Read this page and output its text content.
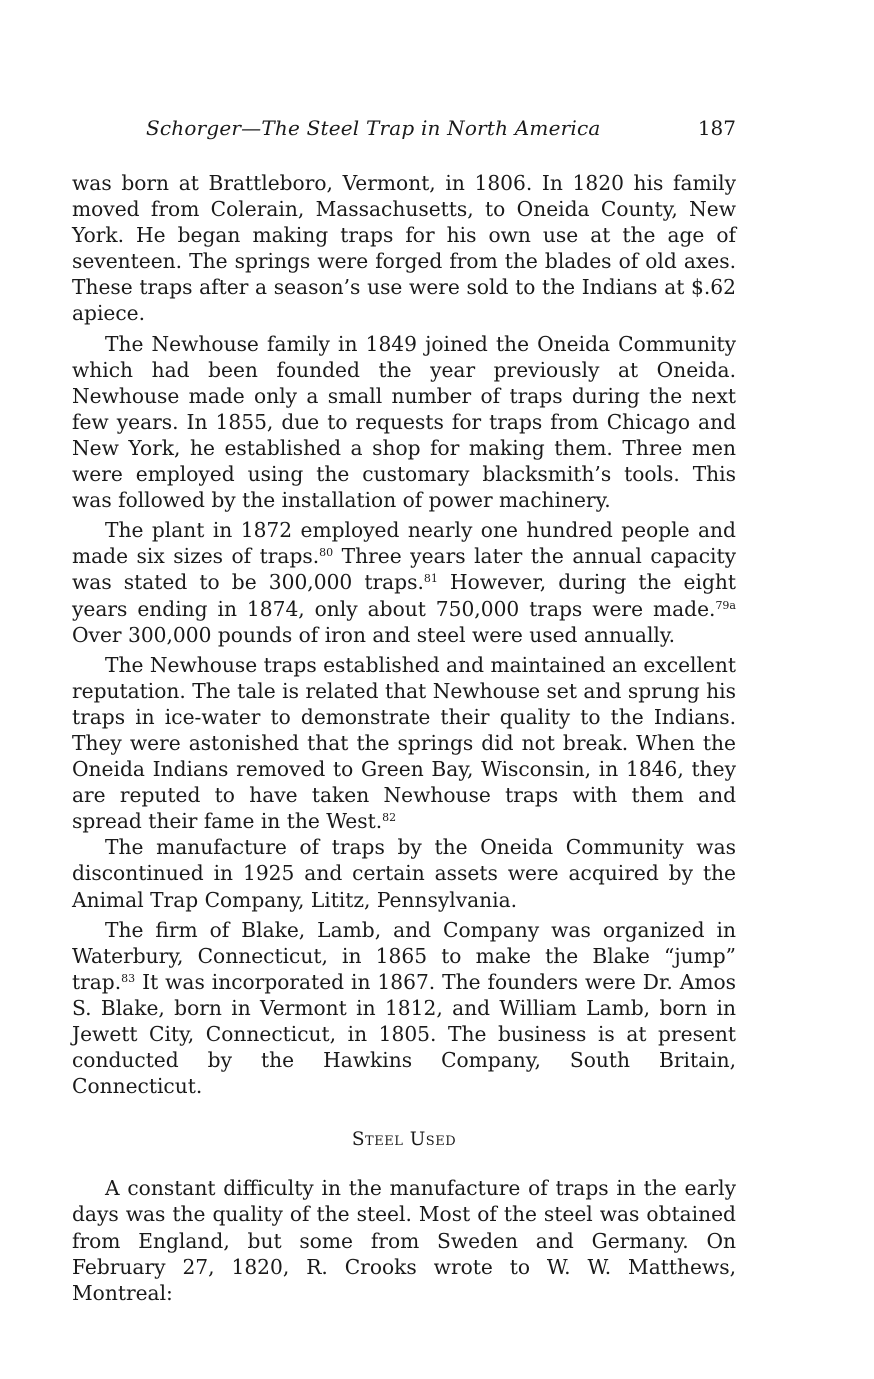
Schorger—The Steel Trap in North America	187

was born at Brattleboro, Vermont, in 1806. In 1820 his family moved from Colerain, Massachusetts, to Oneida County, New York. He began making traps for his own use at the age of seventeen. The springs were forged from the blades of old axes. These traps after a season’s use were sold to the Indians at $.62 apiece.

The Newhouse family in 1849 joined the Oneida Community which had been founded the year previously at Oneida. Newhouse made only a small number of traps during the next few years. In 1855, due to requests for traps from Chicago and New York, he established a shop for making them. Three men were employed using the customary blacksmith’s tools. This was followed by the installation of power machinery.

The plant in 1872 employed nearly one hundred people and made six sizes of traps.$^{80}$ Three years later the annual capacity was stated to be 300,000 traps.$^{81}$ However, during the eight years ending in 1874, only about 750,000 traps were made.$^{79a}$ Over 300,000 pounds of iron and steel were used annually.

The Newhouse traps established and maintained an excellent reputation. The tale is related that Newhouse set and sprung his traps in ice-water to demonstrate their quality to the Indians. They were astonished that the springs did not break. When the Oneida Indians removed to Green Bay, Wisconsin, in 1846, they are reputed to have taken Newhouse traps with them and spread their fame in the West.$^{82}$

The manufacture of traps by the Oneida Community was discontinued in 1925 and certain assets were acquired by the Animal Trap Company, Lititz, Pennsylvania.

The firm of Blake, Lamb, and Company was organized in Waterbury, Connecticut, in 1865 to make the Blake “jump” trap.$^{83}$ It was incorporated in 1867. The founders were Dr. Amos S. Blake, born in Vermont in 1812, and William Lamb, born in Jewett City, Connecticut, in 1805. The business is at present conducted by the Hawkins Company, South Britain, Connecticut.

Steel Used

A constant difficulty in the manufacture of traps in the early days was the quality of the steel. Most of the steel was obtained from England, but some from Sweden and Germany. On February 27, 1820, R. Crooks wrote to W. W. Matthews, Montreal:
